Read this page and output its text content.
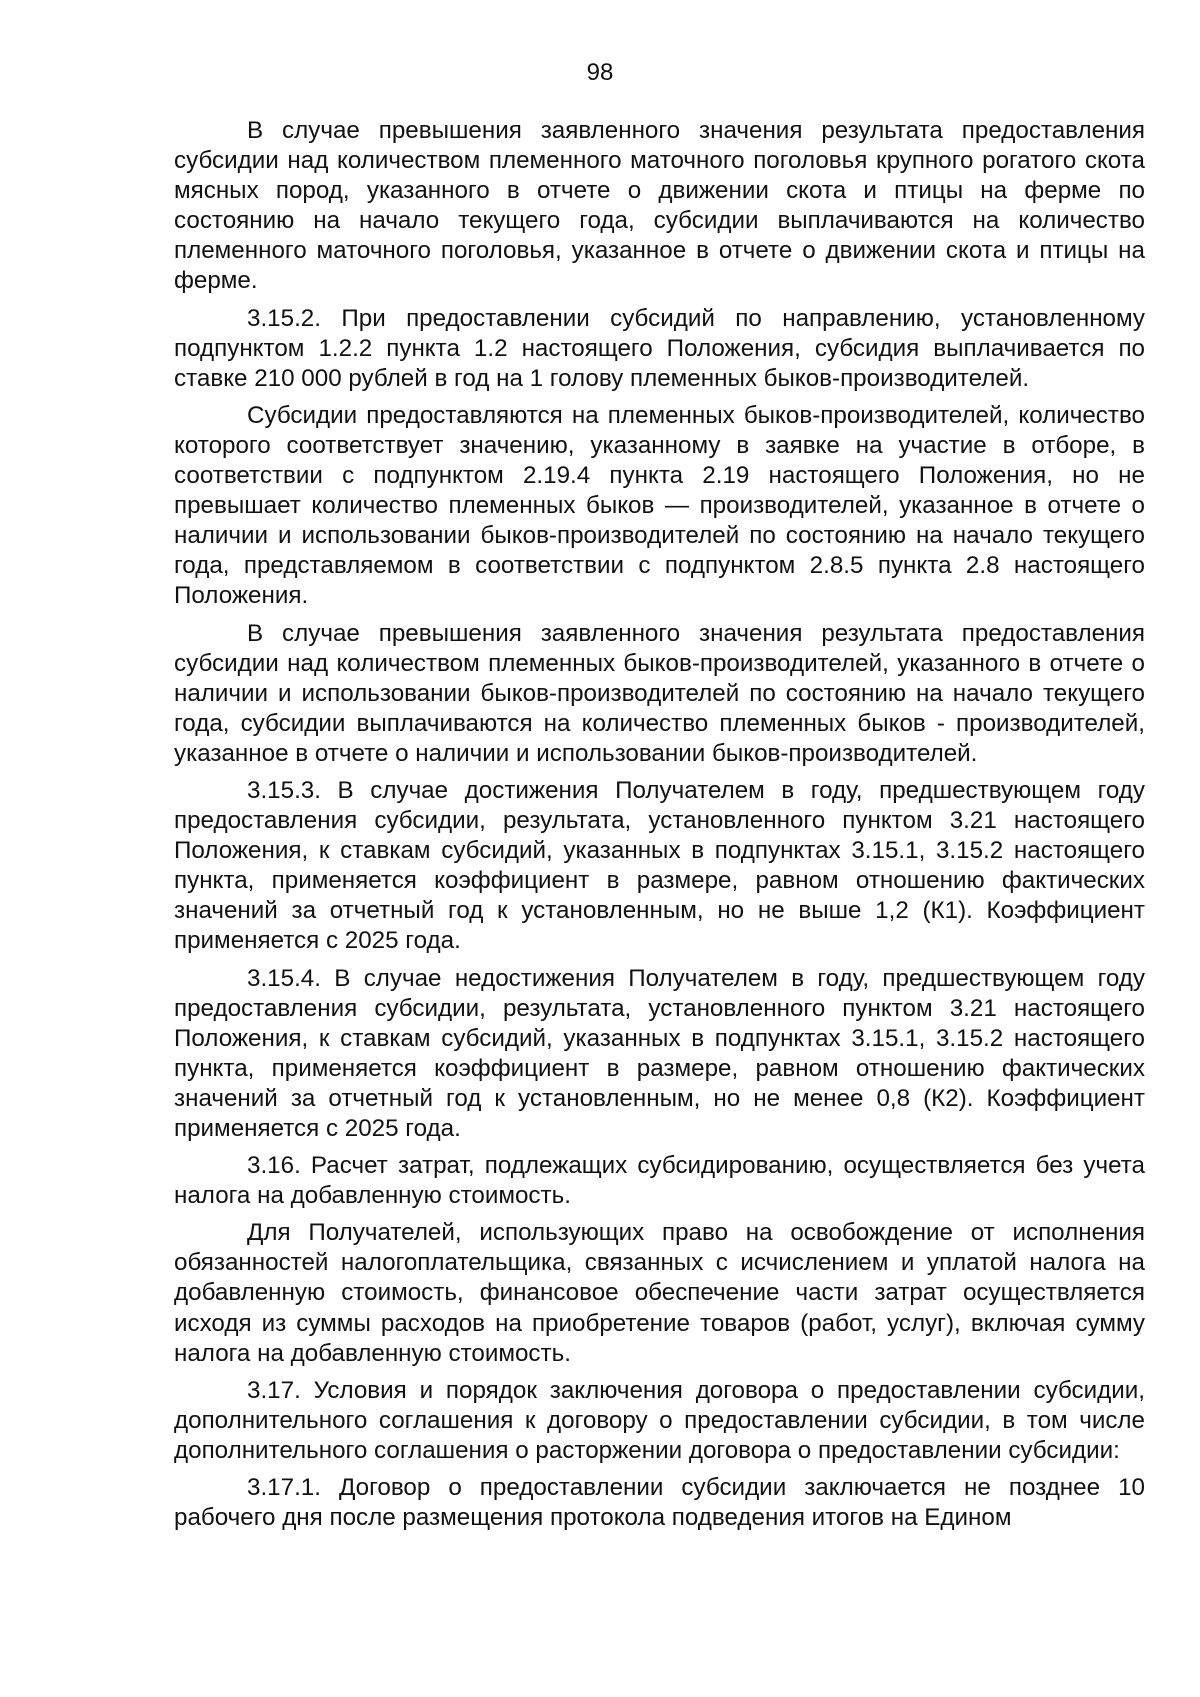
98

В случае превышения заявленного значения результата предоставления субсидии над количеством племенного маточного поголовья крупного рогатого скота мясных пород, указанного в отчете о движении скота и птицы на ферме по состоянию на начало текущего года, субсидии выплачиваются на количество племенного маточного поголовья, указанное в отчете о движении скота и птицы на ферме.

3.15.2. При предоставлении субсидий по направлению, установленному подпунктом 1.2.2 пункта 1.2 настоящего Положения, субсидия выплачивается по ставке 210 000 рублей в год на 1 голову племенных быков-производителей.

Субсидии предоставляются на племенных быков-производителей, количество которого соответствует значению, указанному в заявке на участие в отборе, в соответствии с подпунктом 2.19.4 пункта 2.19 настоящего Положения, но не превышает количество племенных быков — производителей, указанное в отчете о наличии и использовании быков-производителей по состоянию на начало текущего года, представляемом в соответствии с подпунктом 2.8.5 пункта 2.8 настоящего Положения.

В случае превышения заявленного значения результата предоставления субсидии над количеством племенных быков-производителей, указанного в отчете о наличии и использовании быков-производителей по состоянию на начало текущего года, субсидии выплачиваются на количество племенных быков - производителей, указанное в отчете о наличии и использовании быков-производителей.

3.15.3. В случае достижения Получателем в году, предшествующем году предоставления субсидии, результата, установленного пунктом 3.21 настоящего Положения, к ставкам субсидий, указанных в подпунктах 3.15.1, 3.15.2 настоящего пункта, применяется коэффициент в размере, равном отношению фактических значений за отчетный год к установленным, но не выше 1,2 (К1). Коэффициент применяется с 2025 года.

3.15.4. В случае недостижения Получателем в году, предшествующем году предоставления субсидии, результата, установленного пунктом 3.21 настоящего Положения, к ставкам субсидий, указанных в подпунктах 3.15.1, 3.15.2 настоящего пункта, применяется коэффициент в размере, равном отношению фактических значений за отчетный год к установленным, но не менее 0,8 (К2). Коэффициент применяется с 2025 года.

3.16. Расчет затрат, подлежащих субсидированию, осуществляется без учета налога на добавленную стоимость.

Для Получателей, использующих право на освобождение от исполнения обязанностей налогоплательщика, связанных с исчислением и уплатой налога на добавленную стоимость, финансовое обеспечение части затрат осуществляется исходя из суммы расходов на приобретение товаров (работ, услуг), включая сумму налога на добавленную стоимость.

3.17. Условия и порядок заключения договора о предоставлении субсидии, дополнительного соглашения к договору о предоставлении субсидии, в том числе дополнительного соглашения о расторжении договора о предоставлении субсидии:

3.17.1. Договор о предоставлении субсидии заключается не позднее 10 рабочего дня после размещения протокола подведения итогов на Едином
